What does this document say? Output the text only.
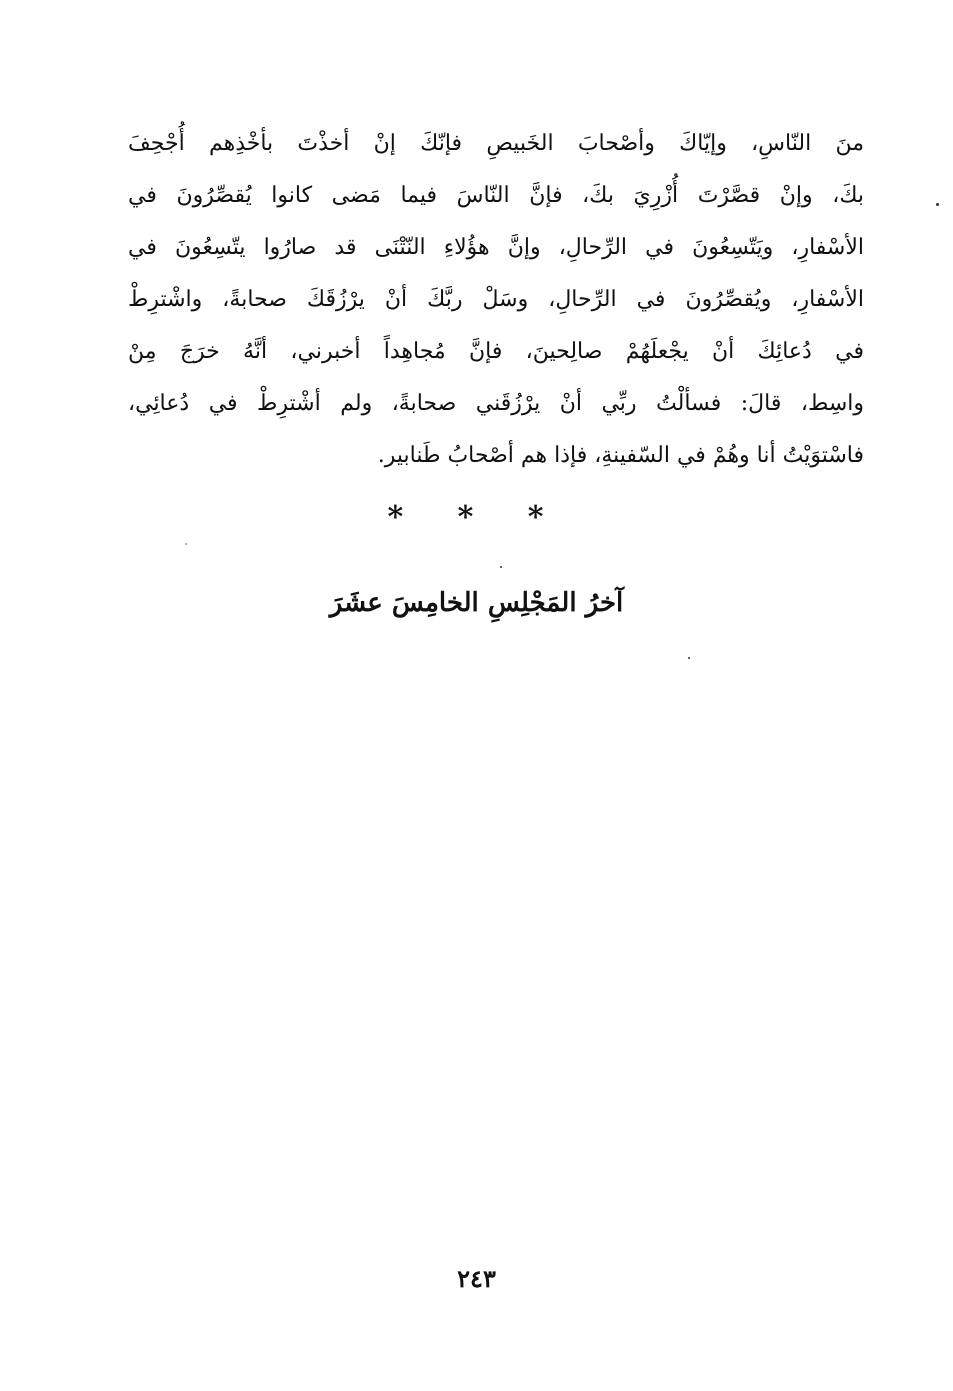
منَ النّاسِ، وإيّاكَ وأصْحابَ الخَبيصِ فإنّكَ إنْ أخذْتَ بأخْذِهم أُجْحِفَ
بكَ، وإنْ قصَّرْتَ أُزْرِيَ بكَ، فإنَّ النّاسَ فيما مَضى كانوا يُقصِّرُونَ في
الأسْفارِ، ويَتّسِعُونَ في الرِّحالِ، وإنَّ هؤُلاءِ النّتْنَى قد صارُوا يتّسِعُونَ في
الأسْفارِ، ويُقصِّرُونَ في الرِّحالِ، وسَلْ ربَّكَ أنْ يرْزُقَكَ صحابةً، واشْترِطْ
في دُعائِكَ أنْ يجْعلَهُمْ صالِحينَ، فإنَّ مُجاهِداً أخبرني، أنَّهُ خرَجَ مِنْ
واسِط، قالَ: فسألْتُ ربِّي أنْ يرْزُقَني صحابةً، ولم أشْترِطْ في دُعائِي،
فاسْتوَيْتُ أنا وهُمْ في السّفينةِ، فإذا هم أصْحابُ طَنابير.
* * *
آخرُ المَجْلِسِ الخامِسَ عشَرَ
٢٤٣
